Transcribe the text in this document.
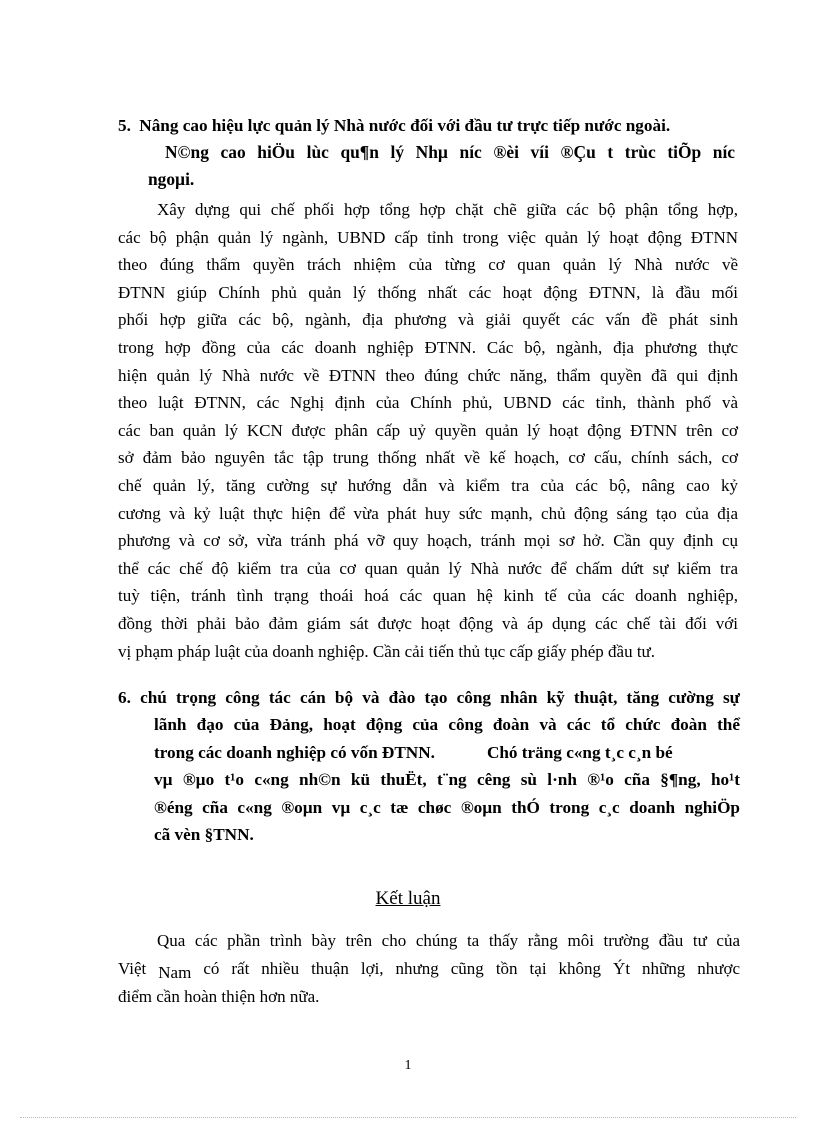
5. Nâng cao hiệu lực quản lý Nhà nước đối với đầu tư trực tiếp nước ngoài.
N©ng cao hiÖu lùc qu¶n lý Nhµ níc ®èi víi ®Çu t trùc tiÕp níc
ngoµi.
Xây dựng qui chế phối hợp tổng hợp chặt chẽ giữa các bộ phận tổng hợp,
các bộ phận quản lý ngành, UBND cấp tỉnh trong việc quản lý hoạt động ĐTNN
theo đúng thẩm quyền trách nhiệm của từng cơ quan quản lý Nhà nước về
ĐTNN giúp Chính phủ quản lý thống nhất các hoạt động ĐTNN, là đầu mối
phối hợp giữa các bộ, ngành, địa phương và giải quyết các vấn đề phát sinh
trong hợp đồng của các doanh nghiệp ĐTNN. Các bộ, ngành, địa phương thực
hiện quản lý Nhà nước về ĐTNN theo đúng chức năng, thẩm quyền đã qui định
theo luật ĐTNN, các Nghị định của Chính phủ, UBND các tỉnh, thành phố và
các ban quản lý KCN được phân cấp uỷ quyền quản lý hoạt động ĐTNN trên cơ
sở đảm bảo nguyên tắc tập trung thống nhất về kế hoạch, cơ cấu, chính sách, cơ
chế quản lý, tăng cường sự hướng dẫn và kiểm tra của các bộ, nâng cao kỷ
cương và kỷ luật thực hiện để vừa phát huy sức mạnh, chủ động sáng tạo của địa
phương và cơ sở, vừa tránh phá vỡ quy hoạch, tránh mọi sơ hở. Cần quy định cụ
thể các chế độ kiểm tra của cơ quan quản lý Nhà nước để chấm dứt sự kiểm tra
tuỳ tiện, tránh tình trạng thoái hoá các quan hệ kinh tế của các doanh nghiệp,
đồng thời phải bảo đảm giám sát được hoạt động và áp dụng các chế tài đối với
vị phạm pháp luật của doanh nghiệp. Cần cải tiến thủ tục cấp giấy phép đầu tư.
6. chú trọng công tác cán bộ và đào tạo công nhân kỹ thuật, tăng cường sự
lãnh đạo của Đảng, hoạt động của công đoàn và các tổ chức đoàn thể
trong các doanh nghiệp có vốn ĐTNN.	Chó träng c«ng t¸c c¸n bé
vµ ®µo t¹o c«ng nh©n kü thuËt, t¨ng cêng sù l·nh ®¹o cña §¶ng, ho¹t
®éng cña c«ng ®oµn vµ c¸c tæ chøc ®oµn thÓ trong c¸c doanh nghiÖp
cã vèn §TNN.
Kết luận
Qua các phần trình bày trên cho chúng ta thấy rằng môi trường đầu tư của
Việt Nam có rất nhiều thuận lợi, nhưng cũng tồn tại không Ýt những nhược
điểm cần hoàn thiện hơn nữa.
1
